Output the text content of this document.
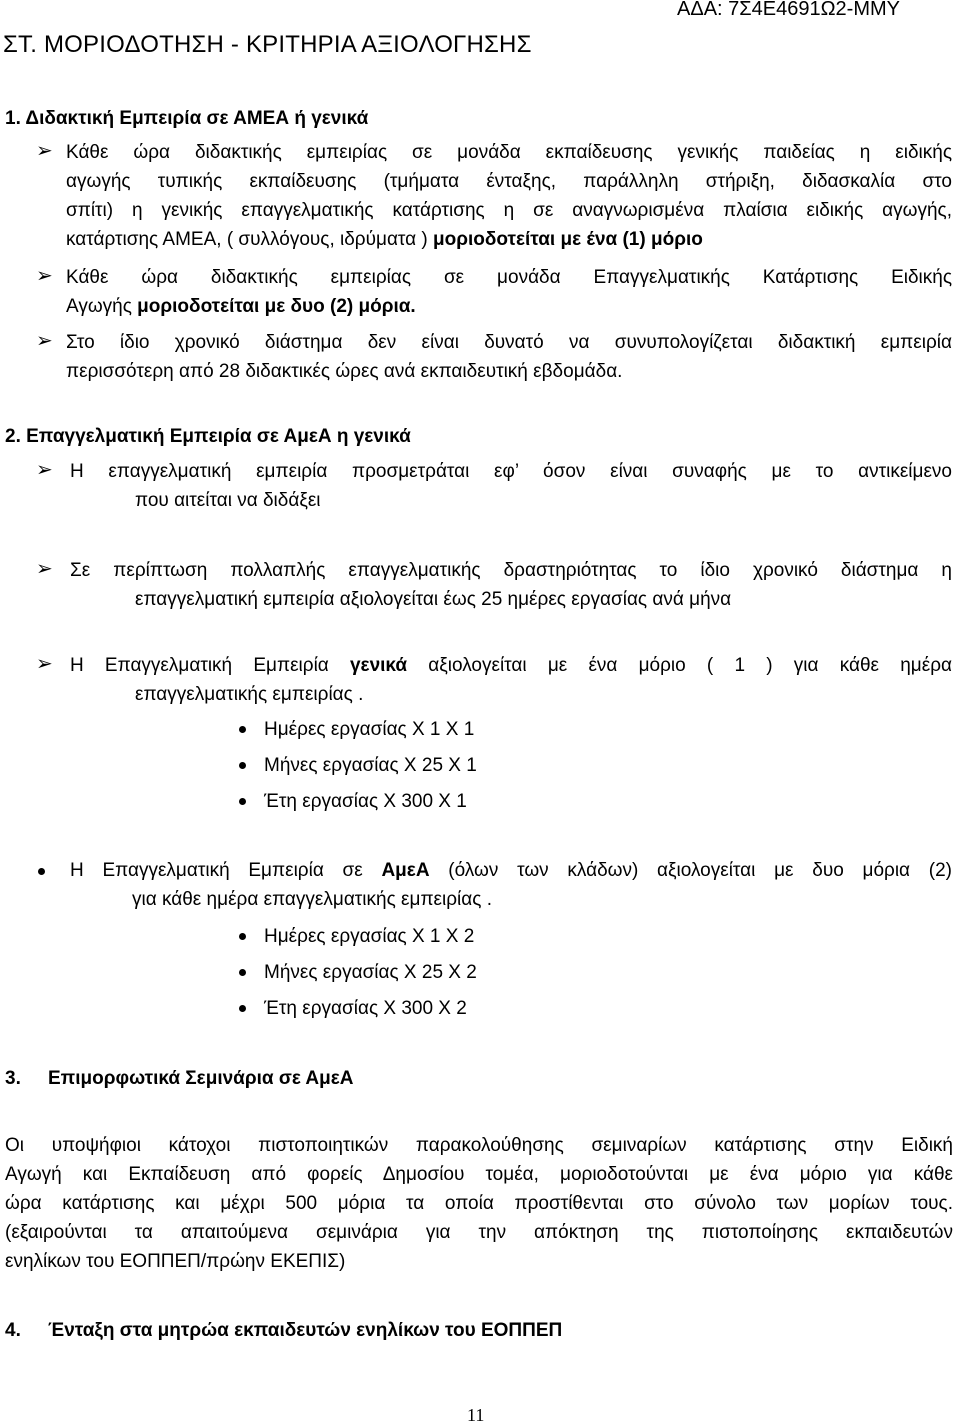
ΑΔΑ: 7Σ4Ε4691Ω2-ΜΜΥ
ΣΤ. ΜΟΡΙΟΔΟΤΗΣΗ - ΚΡΙΤΗΡΙΑ ΑΞΙΟΛΟΓΗΣΗΣ
1. Διδακτική Εμπειρία σε ΑΜΕΑ ή γενικά
➢ Κάθε ώρα διδακτικής εμπειρίας σε μονάδα εκπαίδευσης γενικής παιδείας η ειδικής
αγωγής τυπικής εκπαίδευσης (τμήματα ένταξης, παράλληλη στήριξη, διδασκαλία στο
σπίτι) η γενικής επαγγελματικής κατάρτισης η σε αναγνωρισμένα πλαίσια ειδικής αγωγής,
κατάρτισης ΑΜΕΑ, ( συλλόγους, ιδρύματα ) μοριοδοτείται με ένα (1) μόριο
➢ Κάθε ώρα διδακτικής εμπειρίας σε μονάδα Επαγγελματικής Κατάρτισης Ειδικής
Αγωγής μοριοδοτείται με δυο (2) μόρια.
➢ Στο ίδιο χρονικό διάστημα δεν είναι δυνατό να συνυπολογίζεται διδακτική εμπειρία
περισσότερη από 28 διδακτικές ώρες ανά εκπαιδευτική εβδομάδα.
2. Επαγγελματική Εμπειρία σε ΑμεΑ η γενικά
➢ Η επαγγελματική εμπειρία προσμετράται εφ’ όσον είναι συναφής με το αντικείμενο
που αιτείται να διδάξει
➢ Σε περίπτωση πολλαπλής επαγγελματικής δραστηριότητας το ίδιο χρονικό διάστημα η
επαγγελματική εμπειρία αξιολογείται έως 25 ημέρες εργασίας ανά μήνα
➢ Η Επαγγελματική Εμπειρία γενικά αξιολογείται με ένα μόριο ( 1 ) για κάθε ημέρα
επαγγελματικής εμπειρίας .
Ημέρες εργασίας Χ 1 Χ 1
Μήνες εργασίας Χ 25 Χ 1
Έτη εργασίας Χ 300 Χ 1
Η Επαγγελματική Εμπειρία σε ΑμεΑ (όλων των κλάδων) αξιολογείται με δυο μόρια (2)
για κάθε ημέρα επαγγελματικής εμπειρίας .
Ημέρες εργασίας Χ 1 Χ 2
Μήνες εργασίας Χ 25 Χ 2
Έτη εργασίας Χ 300 Χ 2
3. Επιμορφωτικά Σεμινάρια σε ΑμεΑ
Οι υποψήφιοι κάτοχοι πιστοποιητικών παρακολούθησης σεμιναρίων κατάρτισης στην Ειδική
Αγωγή και Εκπαίδευση από φορείς Δημοσίου τομέα, μοριοδοτούνται με ένα μόριο για κάθε
ώρα κατάρτισης και μέχρι 500 μόρια τα οποία προστίθενται στο σύνολο των μορίων τους.
(εξαιρούνται τα απαιτούμενα σεμινάρια για την απόκτηση της πιστοποίησης εκπαιδευτών
ενηλίκων του ΕΟΠΠΕΠ/πρώην ΕΚΕΠΙΣ)
4. Ένταξη στα μητρώα εκπαιδευτών ενηλίκων του ΕΟΠΠΕΠ
11
